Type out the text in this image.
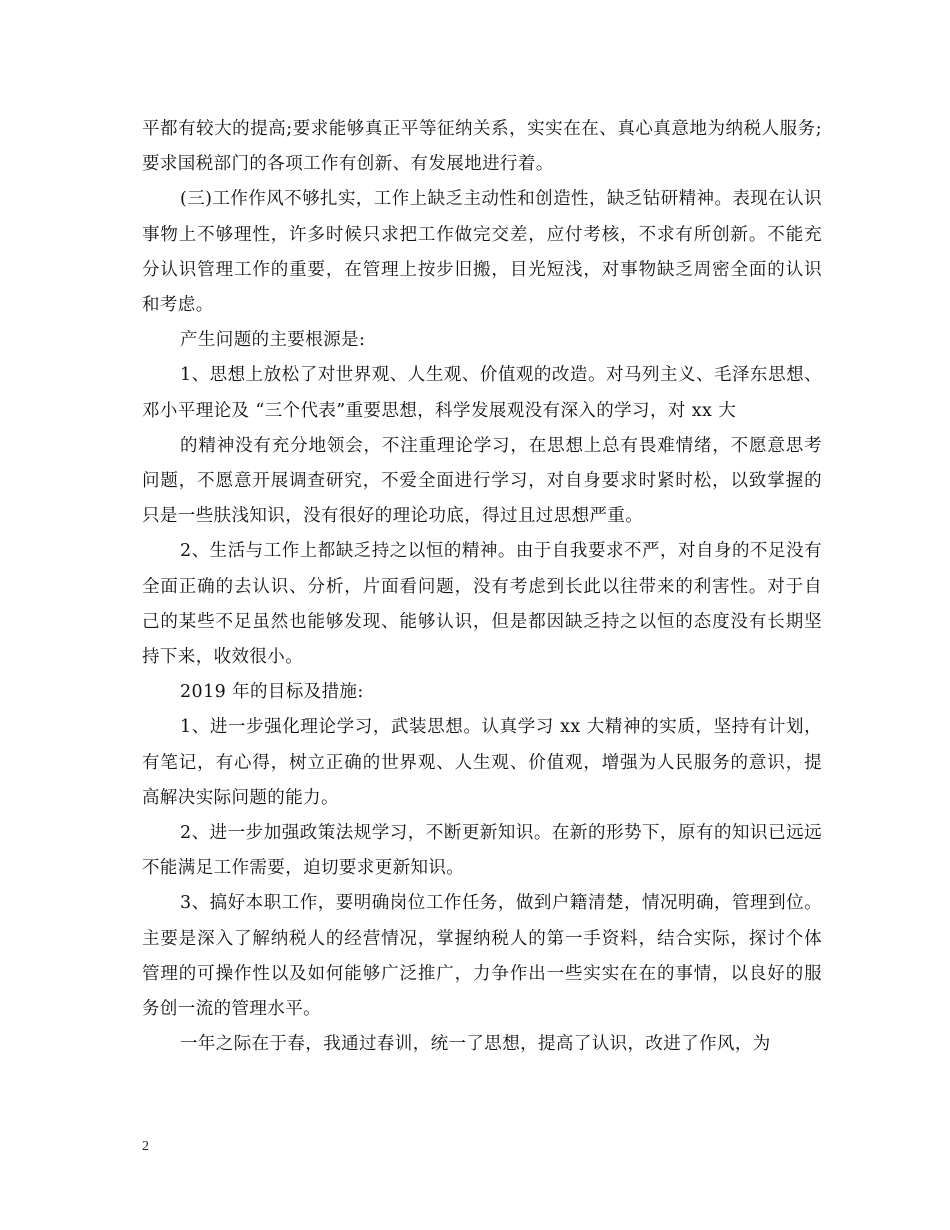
平都有较大的提高;要求能够真正平等征纳关系，实实在在、真心真意地为纳税人服务;要求国税部门的各项工作有创新、有发展地进行着。

(三)工作作风不够扎实，工作上缺乏主动性和创造性，缺乏钻研精神。表现在认识事物上不够理性，许多时候只求把工作做完交差，应付考核，不求有所创新。不能充分认识管理工作的重要，在管理上按步旧搬，目光短浅，对事物缺乏周密全面的认识和考虑。

产生问题的主要根源是:

1、思想上放松了对世界观、人生观、价值观的改造。对马列主义、毛泽东思想、邓小平理论及 “三个代表”重要思想，科学发展观没有深入的学习，对 xx 大

的精神没有充分地领会，不注重理论学习，在思想上总有畏难情绪，不愿意思考问题，不愿意开展调查研究，不爱全面进行学习，对自身要求时紧时松，以致掌握的只是一些肤浅知识，没有很好的理论功底，得过且过思想严重。

2、生活与工作上都缺乏持之以恒的精神。由于自我要求不严，对自身的不足没有全面正确的去认识、分析，片面看问题，没有考虑到长此以往带来的利害性。对于自己的某些不足虽然也能够发现、能够认识，但是都因缺乏持之以恒的态度没有长期坚持下来，收效很小。

2019 年的目标及措施:

1、进一步强化理论学习，武装思想。认真学习 xx 大精神的实质，坚持有计划，有笔记，有心得，树立正确的世界观、人生观、价值观，增强为人民服务的意识，提高解决实际问题的能力。

2、进一步加强政策法规学习，不断更新知识。在新的形势下，原有的知识已远远不能满足工作需要，迫切要求更新知识。

3、搞好本职工作，要明确岗位工作任务，做到户籍清楚，情况明确，管理到位。主要是深入了解纳税人的经营情况，掌握纳税人的第一手资料，结合实际，探讨个体管理的可操作性以及如何能够广泛推广，力争作出一些实实在在的事情，以良好的服务创一流的管理水平。

一年之际在于春，我通过春训，统一了思想，提高了认识，改进了作风，为

2
